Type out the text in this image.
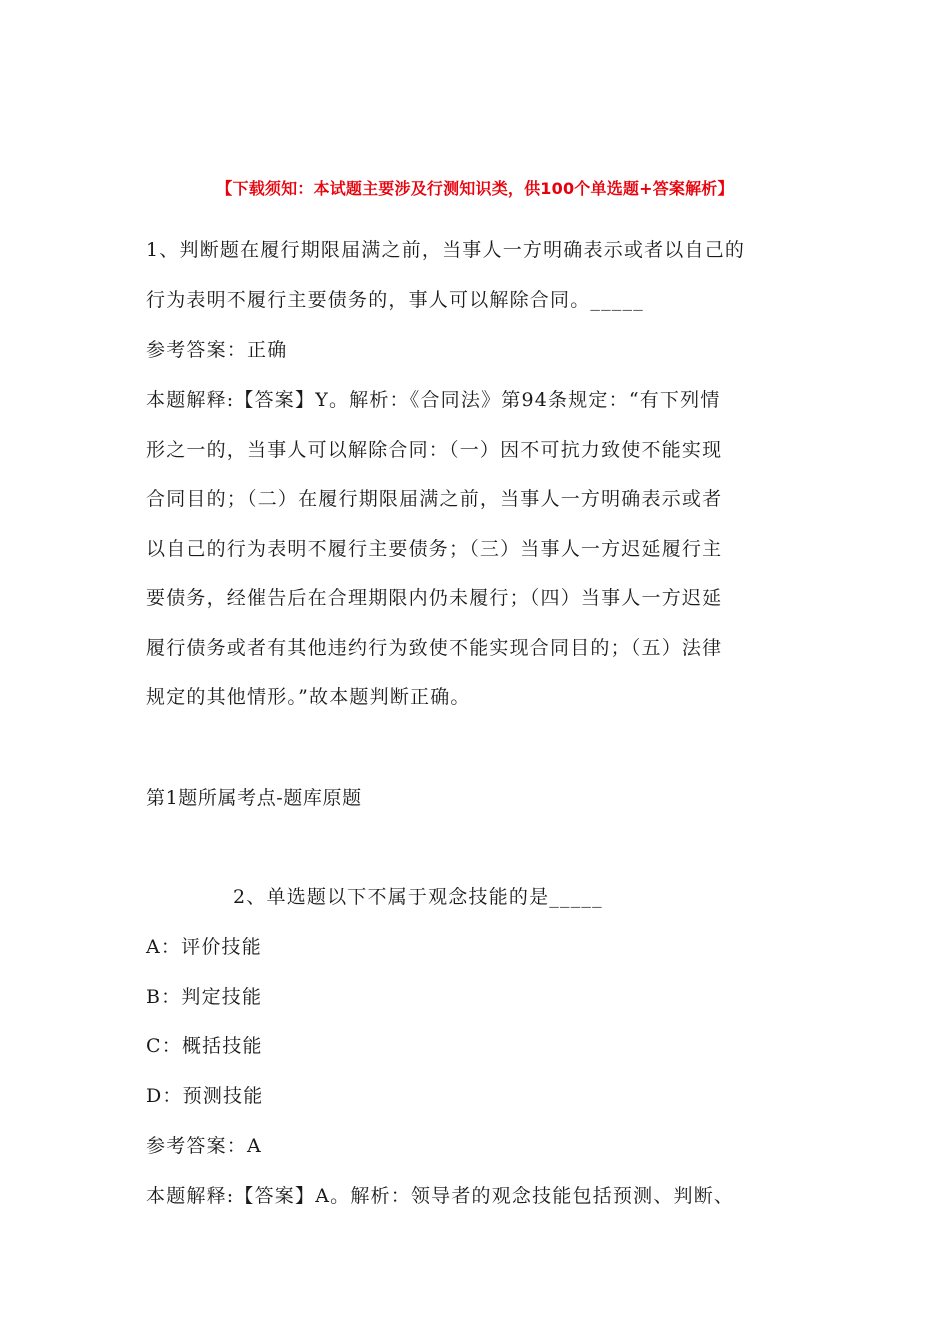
【下载须知：本试题主要涉及行测知识类，供100个单选题+答案解析】
1、判断题在履行期限届满之前，当事人一方明确表示或者以自己的
行为表明不履行主要债务的，事人可以解除合同。_____
参考答案：正确
本题解释:【答案】Y。解析：《合同法》第94条规定：“有下列情
形之一的，当事人可以解除合同：（一）因不可抗力致使不能实现
合同目的；（二）在履行期限届满之前，当事人一方明确表示或者
以自己的行为表明不履行主要债务；（三）当事人一方迟延履行主
要债务，经催告后在合理期限内仍未履行；（四）当事人一方迟延
履行债务或者有其他违约行为致使不能实现合同目的；（五）法律
规定的其他情形。”故本题判断正确。
第1题所属考点-题库原题
2、单选题以下不属于观念技能的是_____
A：评价技能
B：判定技能
C：概括技能
D：预测技能
参考答案：A
本题解释:【答案】A。解析：领导者的观念技能包括预测、判断、
